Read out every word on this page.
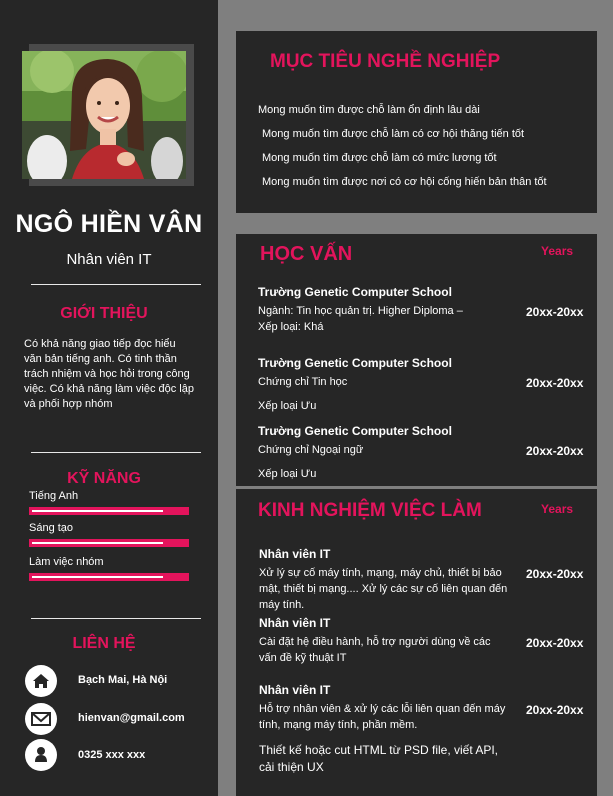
NGÔ HIỀN VÂN
Nhân viên IT
GIỚI THIỆU
Có khả năng giao tiếp đọc hiểu văn bản tiếng anh. Có tinh thần trách nhiệm và học hỏi trong công việc. Có khả năng làm việc độc lập và phối hợp nhóm
KỸ NĂNG
Tiếng Anh
Sáng tạo
Làm việc nhóm
LIÊN HỆ
Bạch Mai, Hà Nội
hienvan@gmail.com
0325 xxx xxx
MỤC TIÊU NGHỀ NGHIỆP
Mong muốn tìm được chỗ làm ổn định lâu dài
Mong muốn tìm được chỗ làm có cơ hội thăng tiến tốt
Mong muốn tìm được chỗ làm có mức lương tốt
Mong muốn tìm được nơi có cơ hội cống hiến bản thân tốt
HỌC VẤN	Years
Trường Genetic Computer School
Ngành: Tin học quản trị. Higher Diploma – Xếp loại: Khá
20xx-20xx
Trường Genetic Computer School
Chứng chỉ Tin học	20xx-20xx
Xếp loại Ưu
Trường Genetic Computer School
Chứng chỉ Ngoại ngữ	20xx-20xx
Xếp loại Ưu
KINH NGHIỆM VIỆC LÀM	Years
Nhân viên IT
Xử lý sự cố máy tính, mạng, máy chủ, thiết bị bảo mật, thiết bị mạng.... Xử lý các sự cố liên quan đến máy tính.
20xx-20xx
Nhân viên IT
Cài đặt hệ điều hành, hỗ trợ người dùng về các vấn đề kỹ thuật IT
20xx-20xx
Nhân viên IT
Hỗ trợ nhân viên & xử lý các lỗi liên quan đến máy tính, mạng máy tính, phần mềm.
20xx-20xx
Thiết kế hoặc cut HTML từ PSD file, viết API, cải thiện UX
